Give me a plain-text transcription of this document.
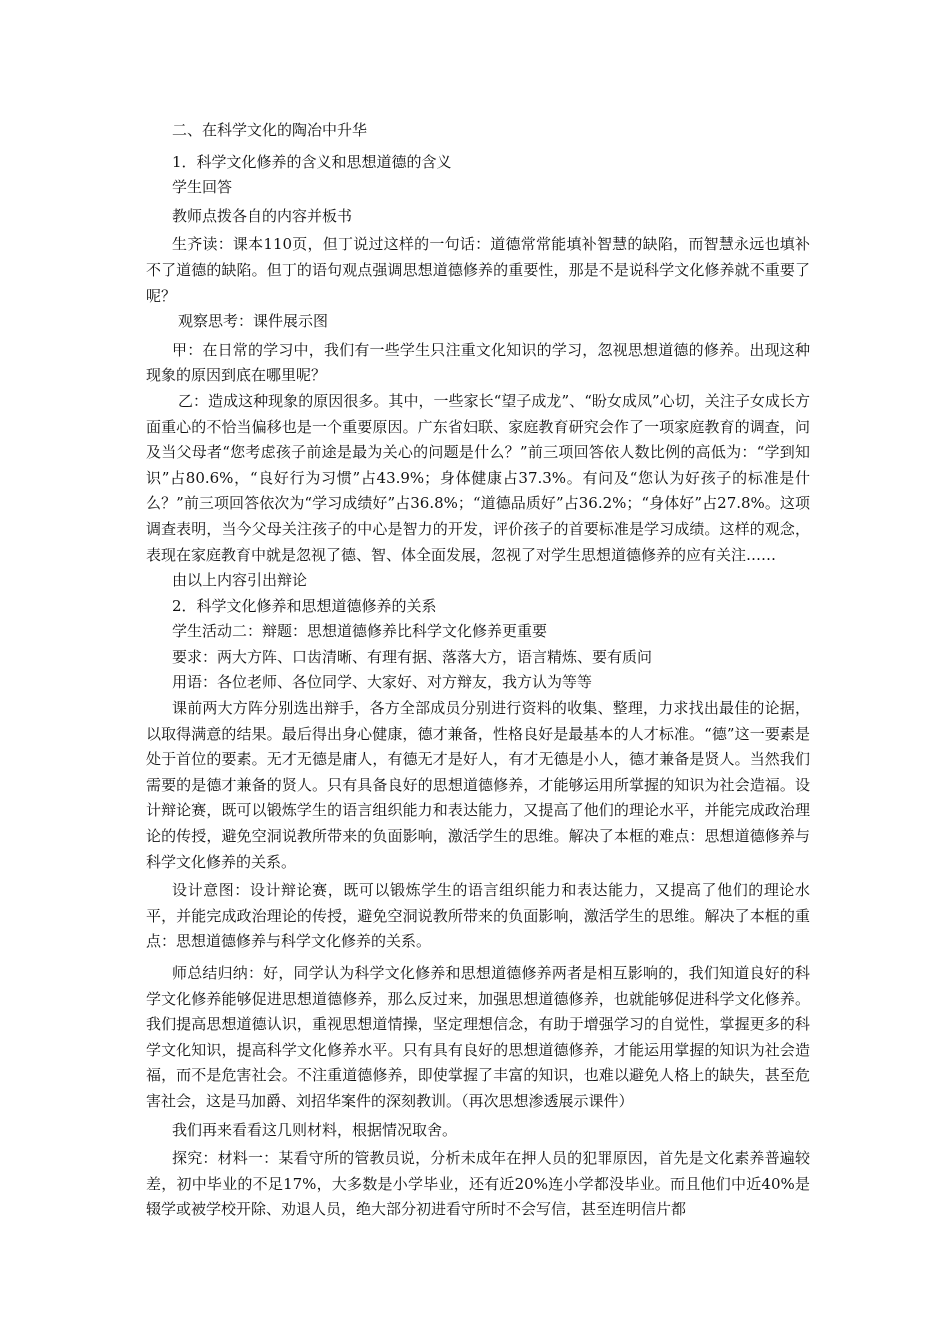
二、在科学文化的陶冶中升华

1．科学文化修养的含义和思想道德的含义

学生回答

教师点拨各自的内容并板书

生齐读：课本110页，但丁说过这样的一句话：道德常常能填补智慧的缺陷，而智慧永远也填补不了道德的缺陷。但丁的语句观点强调思想道德修养的重要性，那是不是说科学文化修养就不重要了呢？

观察思考：课件展示图

甲：在日常的学习中，我们有一些学生只注重文化知识的学习，忽视思想道德的修养。出现这种现象的原因到底在哪里呢？

乙：造成这种现象的原因很多。其中，一些家长“望子成龙”、“盼女成凤”心切，关注子女成长方面重心的不恰当偏移也是一个重要原因。广东省妇联、家庭教育研究会作了一项家庭教育的调查，问及当父母者“您考虑孩子前途是最为关心的问题是什么？”前三项回答依人数比例的高低为：“学到知识”占80.6%，“良好行为习惯”占43.9%；身体健康占37.3%。有问及“您认为好孩子的标准是什么？”前三项回答依次为“学习成绩好”占36.8%；“道德品质好”占36.2%；“身体好”占27.8%。这项调查表明，当今父母关注孩子的中心是智力的开发，评价孩子的首要标准是学习成绩。这样的观念，表现在家庭教育中就是忽视了德、智、体全面发展，忽视了对学生思想道德修养的应有关注……

由以上内容引出辩论

2．科学文化修养和思想道德修养的关系

学生活动二：辩题：思想道德修养比科学文化修养更重要

要求：两大方阵、口齿清晰、有理有据、落落大方，语言精炼、要有质问

用语：各位老师、各位同学、大家好、对方辩友，我方认为等等

课前两大方阵分别选出辩手，各方全部成员分别进行资料的收集、整理，力求找出最佳的论据，以取得满意的结果。最后得出身心健康，德才兼备，性格良好是最基本的人才标准。“德”这一要素是处于首位的要素。无才无德是庸人，有德无才是好人，有才无德是小人，德才兼备是贤人。当然我们需要的是德才兼备的贤人。只有具备良好的思想道德修养，才能够运用所掌握的知识为社会造福。设计辩论赛，既可以锻炼学生的语言组织能力和表达能力，又提高了他们的理论水平，并能完成政治理论的传授，避免空洞说教所带来的负面影响，激活学生的思维。解决了本框的难点：思想道德修养与科学文化修养的关系。

设计意图：设计辩论赛，既可以锻炼学生的语言组织能力和表达能力，又提高了他们的理论水平，并能完成政治理论的传授，避免空洞说教所带来的负面影响，激活学生的思维。解决了本框的重点：思想道德修养与科学文化修养的关系。

师总结归纳：好，同学认为科学文化修养和思想道德修养两者是相互影响的，我们知道良好的科学文化修养能够促进思想道德修养，那么反过来，加强思想道德修养，也就能够促进科学文化修养。我们提高思想道德认识，重视思想道情操，坚定理想信念，有助于增强学习的自觉性，掌握更多的科学文化知识，提高科学文化修养水平。只有具有良好的思想道德修养，才能运用掌握的知识为社会造福，而不是危害社会。不注重道德修养，即使掌握了丰富的知识，也难以避免人格上的缺失，甚至危害社会，这是马加爵、刘招华案件的深刻教训。（再次思想渗透展示课件）

我们再来看看这几则材料，根据情况取舍。

探究：材料一：某看守所的管教员说，分析未成年在押人员的犯罪原因，首先是文化素养普遍较差，初中毕业的不足17%，大多数是小学毕业，还有近20%连小学都没毕业。而且他们中近40%是辍学或被学校开除、劝退人员，绝大部分初进看守所时不会写信，甚至连明信片都
